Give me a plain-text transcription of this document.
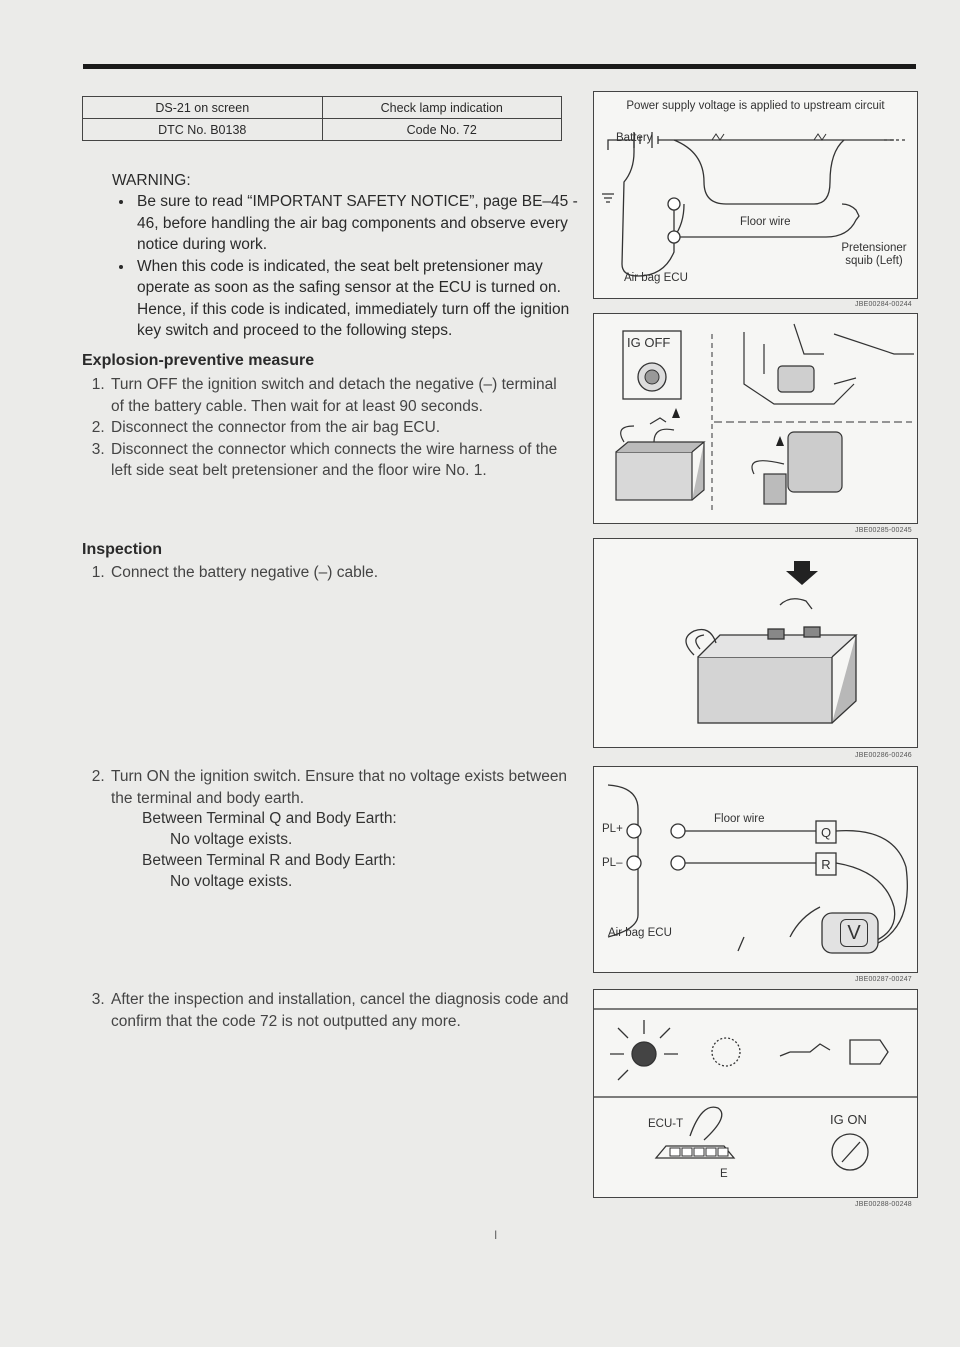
DS-21 on screen	Check lamp indication
DTC No. B0138	Code No. 72
WARNING:
• Be sure to read “IMPORTANT SAFETY NOTICE”, page BE–45 - 46, before handling the air bag components and observe every notice during work.
• When this code is indicated, the seat belt pretensioner may operate as soon as the safing sensor at the ECU is turned on. Hence, if this code is indicated, immediately turn off the ignition key switch and proceed to the following steps.
Explosion-preventive measure
1. Turn OFF the ignition switch and detach the negative (–) terminal of the battery cable. Then wait for at least 90 seconds.
2. Disconnect the connector from the air bag ECU.
3. Disconnect the connector which connects the wire harness of the left side seat belt pretensioner and the floor wire No. 1.
Inspection
1. Connect the battery negative (–) cable.
2. Turn ON the ignition switch. Ensure that no voltage exists between the terminal and body earth.
Between Terminal Q and Body Earth:
No voltage exists.
Between Terminal R and Body Earth:
No voltage exists.
3. After the inspection and installation, cancel the diagnosis code and confirm that the code 72 is not outputted any more.
Power supply voltage is applied to upstream circuit
Battery
Floor wire
Pretensioner squib (Left)
Air bag ECU
JBE00284-00244
IG OFF
JBE00285-00245
JBE00286-00246
PL+
PL–
Floor wire
Q
R
V
Air bag ECU
JBE00287-00247
ECU-T	IG ON
E
JBE00288-00248
I
